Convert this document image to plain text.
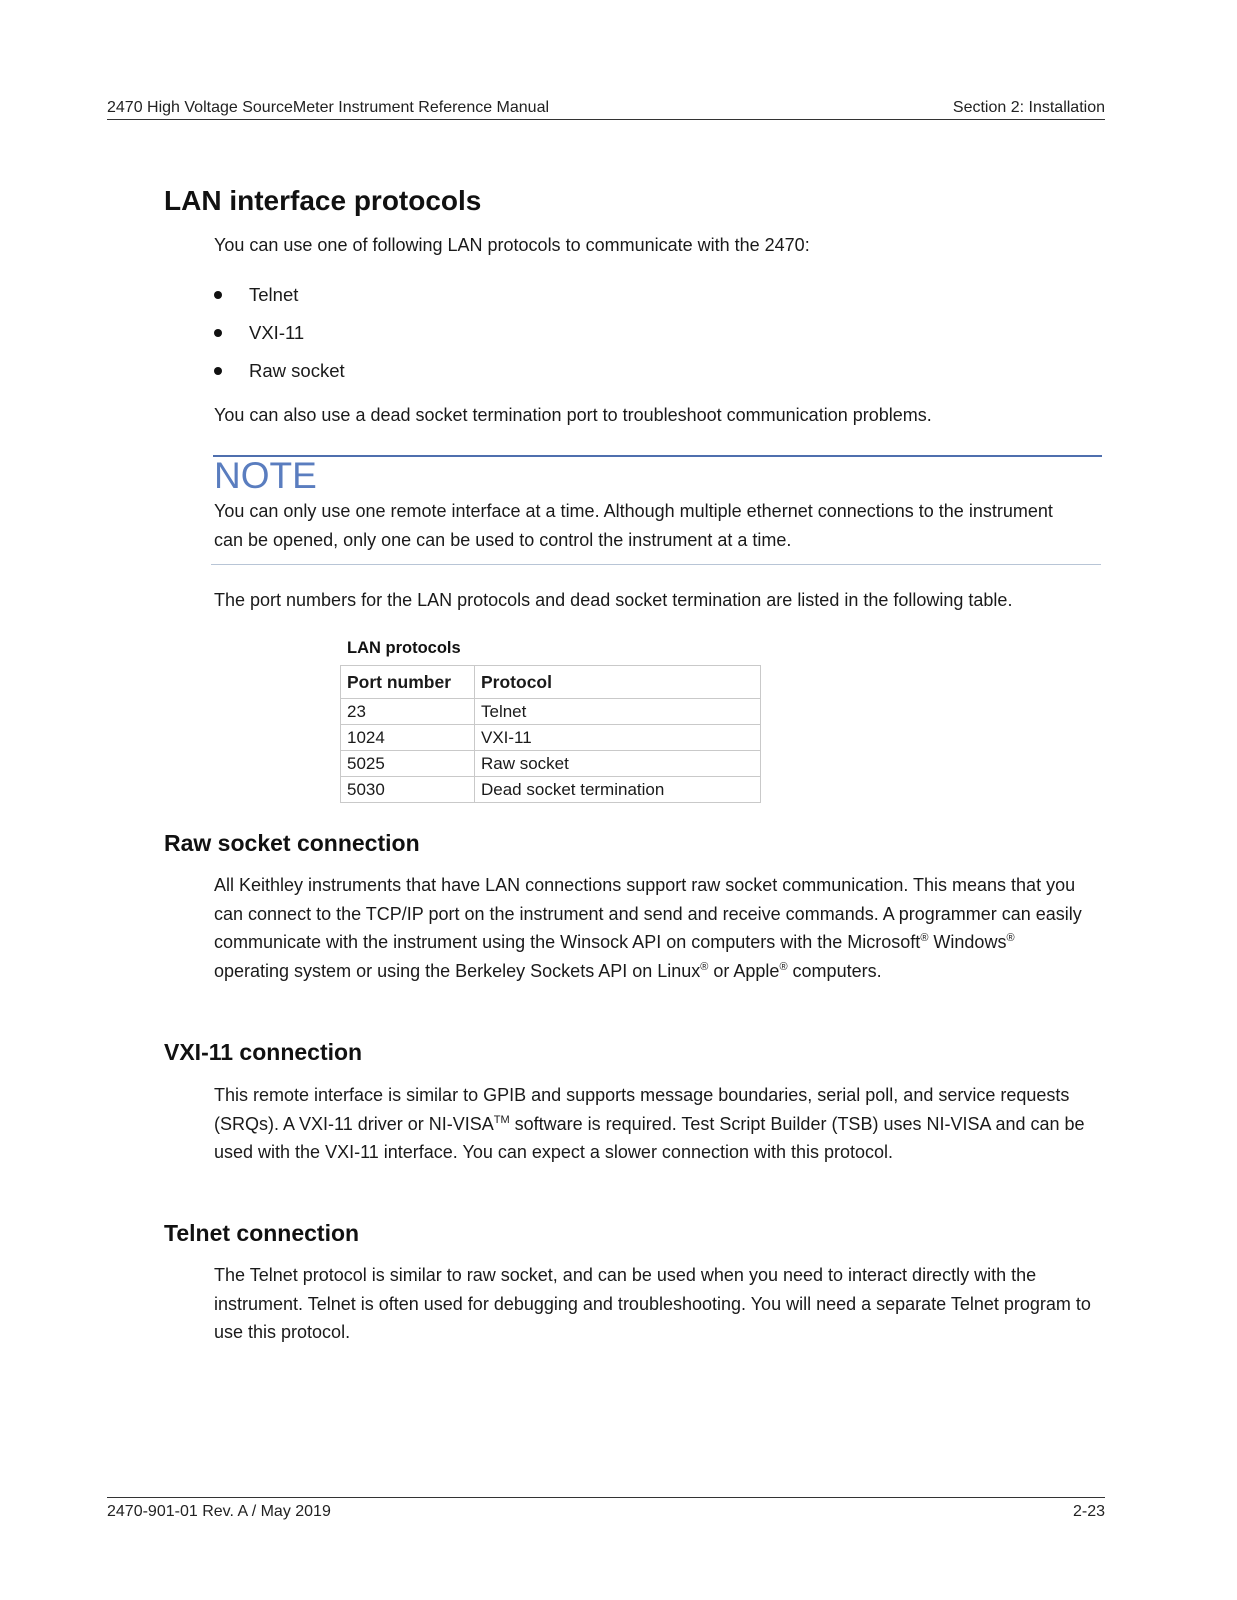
2470 High Voltage SourceMeter Instrument Reference Manual	Section 2: Installation
LAN interface protocols

You can use one of following LAN protocols to communicate with the 2470:

Telnet
VXI-11
Raw socket

You can also use a dead socket termination port to troubleshoot communication problems.

NOTE

You can only use one remote interface at a time. Although multiple ethernet connections to the instrument can be opened, only one can be used to control the instrument at a time.

The port numbers for the LAN protocols and dead socket termination are listed in the following table.

LAN protocols
Port number	Protocol
23	Telnet
1024	VXI-11
5025	Raw socket
5030	Dead socket termination
Raw socket connection

All Keithley instruments that have LAN connections support raw socket communication. This means that you can connect to the TCP/IP port on the instrument and send and receive commands. A programmer can easily communicate with the instrument using the Winsock API on computers with the Microsoft® Windows® operating system or using the Berkeley Sockets API on Linux® or Apple® computers.

VXI-11 connection

This remote interface is similar to GPIB and supports message boundaries, serial poll, and service requests (SRQs). A VXI-11 driver or NI-VISA™ software is required. Test Script Builder (TSB) uses NI-VISA and can be used with the VXI-11 interface. You can expect a slower connection with this protocol.

Telnet connection

The Telnet protocol is similar to raw socket, and can be used when you need to interact directly with the instrument. Telnet is often used for debugging and troubleshooting. You will need a separate Telnet program to use this protocol.

2470-901-01 Rev. A / May 2019	2-23
